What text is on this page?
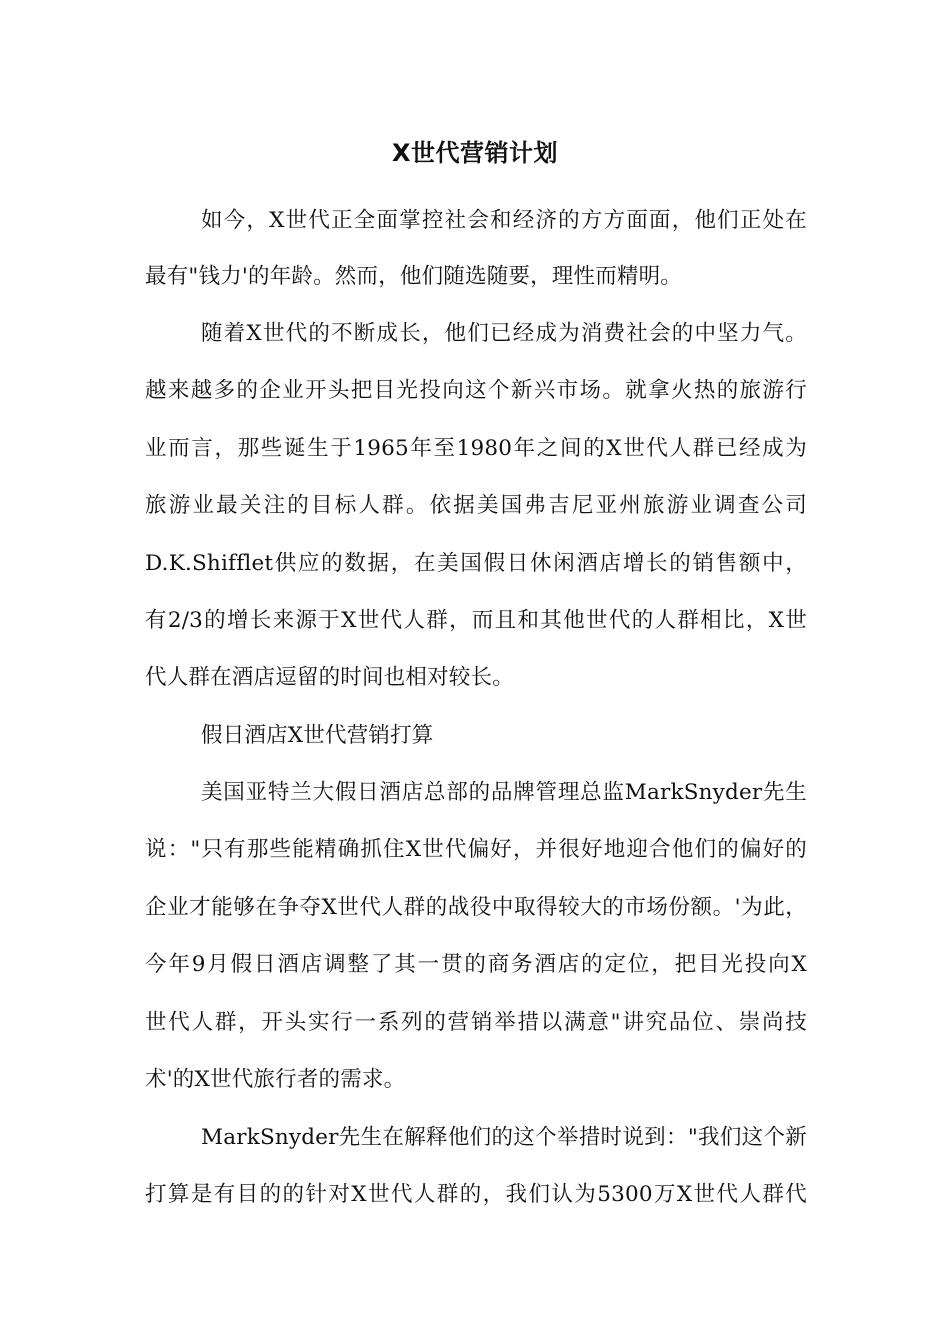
X世代营销计划
如今，X世代正全面掌控社会和经济的方方面面，他们正处在
最有"钱力'的年龄。然而，他们随选随要，理性而精明。
随着X世代的不断成长，他们已经成为消费社会的中坚力气。
越来越多的企业开头把目光投向这个新兴市场。就拿火热的旅游行
业而言，那些诞生于1965年至1980年之间的X世代人群已经成为
旅游业最关注的目标人群。依据美国弗吉尼亚州旅游业调查公司
D.K.Shifflet供应的数据，在美国假日休闲酒店增长的销售额中，
有2/3的增长来源于X世代人群，而且和其他世代的人群相比，X世
代人群在酒店逗留的时间也相对较长。
假日酒店X世代营销打算
美国亚特兰大假日酒店总部的品牌管理总监MarkSnyder先生
说："只有那些能精确抓住X世代偏好，并很好地迎合他们的偏好的
企业才能够在争夺X世代人群的战役中取得较大的市场份额。'为此，
今年9月假日酒店调整了其一贯的商务酒店的定位，把目光投向X
世代人群，开头实行一系列的营销举措以满意"讲究品位、崇尚技
术'的X世代旅行者的需求。
MarkSnyder先生在解释他们的这个举措时说到："我们这个新
打算是有目的的针对X世代人群的，我们认为5300万X世代人群代
